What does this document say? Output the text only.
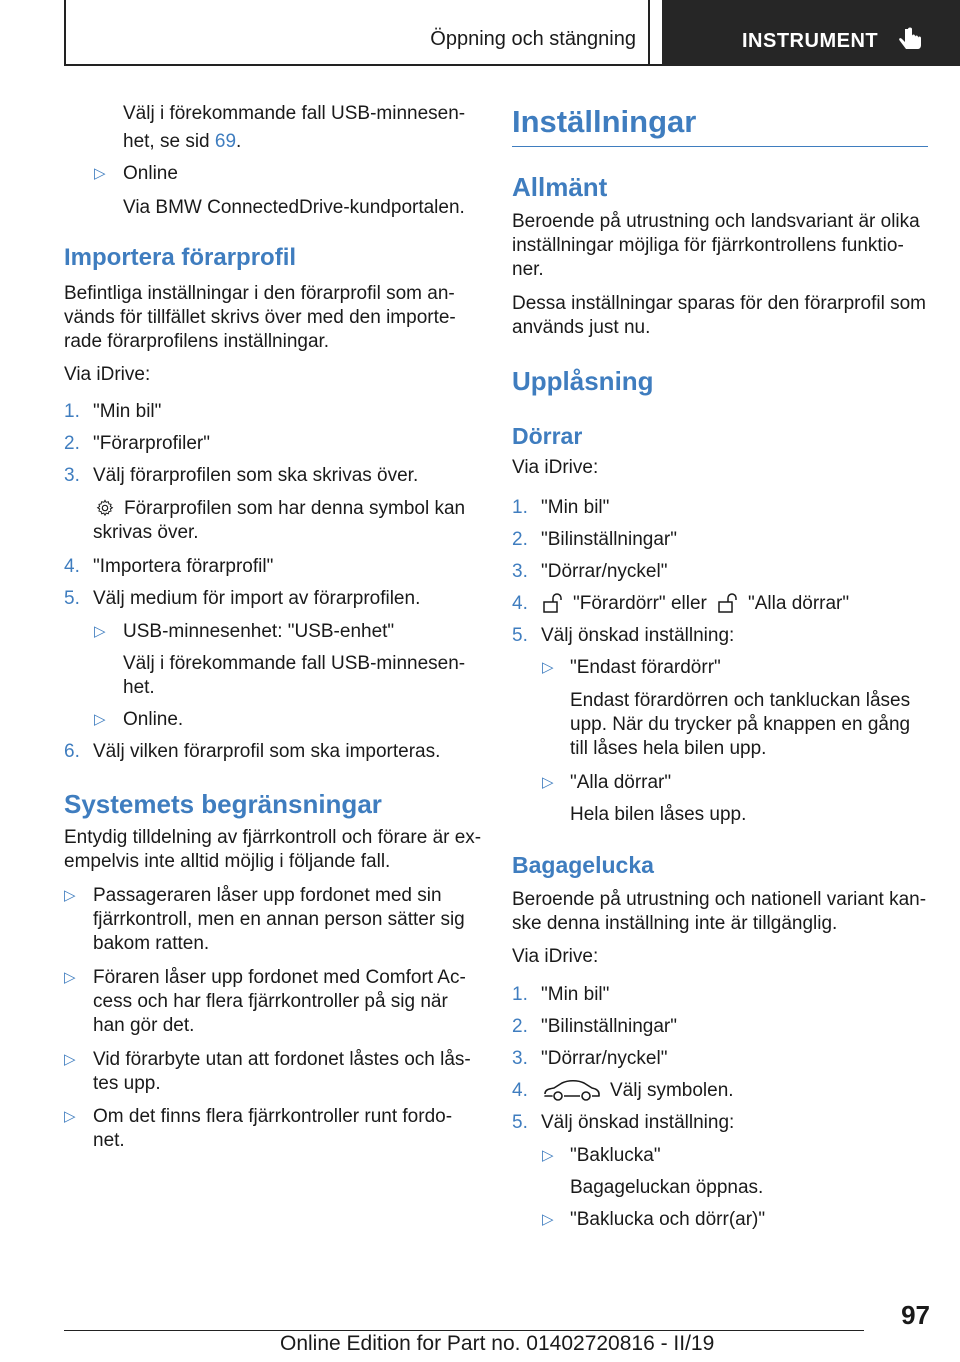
Öppning och stängning	INSTRUMENT
Välj i förekommande fall USB-minnesen‐
het, se sid 69.
▷ Online
Via BMW ConnectedDrive-kundportalen.
Importera förarprofil
Befintliga inställningar i den förarprofil som an‐
vänds för tillfället skrivs över med den importe‐
rade förarprofilens inställningar.
Via iDrive:
1. "Min bil"
2. "Förarprofiler"
3. Välj förarprofilen som ska skrivas över.
Förarprofilen som har denna symbol kan
skrivas över.
4. "Importera förarprofil"
5. Välj medium för import av förarprofilen.
▷ USB-minnesenhet: "USB-enhet"
Välj i förekommande fall USB-minnesen‐
het.
▷ Online.
6. Välj vilken förarprofil som ska importeras.
Systemets begränsningar
Entydig tilldelning av fjärrkontroll och förare är ex‐
empelvis inte alltid möjlig i följande fall.
▷ Passageraren låser upp fordonet med sin
fjärrkontroll, men en annan person sätter sig
bakom ratten.
▷ Föraren låser upp fordonet med Comfort Ac‐
cess och har flera fjärrkontroller på sig när
han gör det.
▷ Vid förarbyte utan att fordonet låstes och lås‐
tes upp.
▷ Om det finns flera fjärrkontroller runt fordo‐
net.
Inställningar
Allmänt
Beroende på utrustning och landsvariant är olika
inställningar möjliga för fjärrkontrollens funktio‐
ner.
Dessa inställningar sparas för den förarprofil som
används just nu.
Upplåsning
Dörrar
Via iDrive:
1. "Min bil"
2. "Bilinställningar"
3. "Dörrar/nyckel"
4. "Förardörr" eller "Alla dörrar"
5. Välj önskad inställning:
▷ "Endast förardörr"
Endast förardörren och tankluckan låses
upp. När du trycker på knappen en gång
till låses hela bilen upp.
▷ "Alla dörrar"
Hela bilen låses upp.
Bagagelucka
Beroende på utrustning och nationell variant kan‐
ske denna inställning inte är tillgänglig.
Via iDrive:
1. "Min bil"
2. "Bilinställningar"
3. "Dörrar/nyckel"
4.	Välj symbolen.
5. Välj önskad inställning:
▷ "Baklucka"
Bagageluckan öppnas.
▷ "Baklucka och dörr(ar)"
97
Online Edition for Part no. 01402720816 - II/19
